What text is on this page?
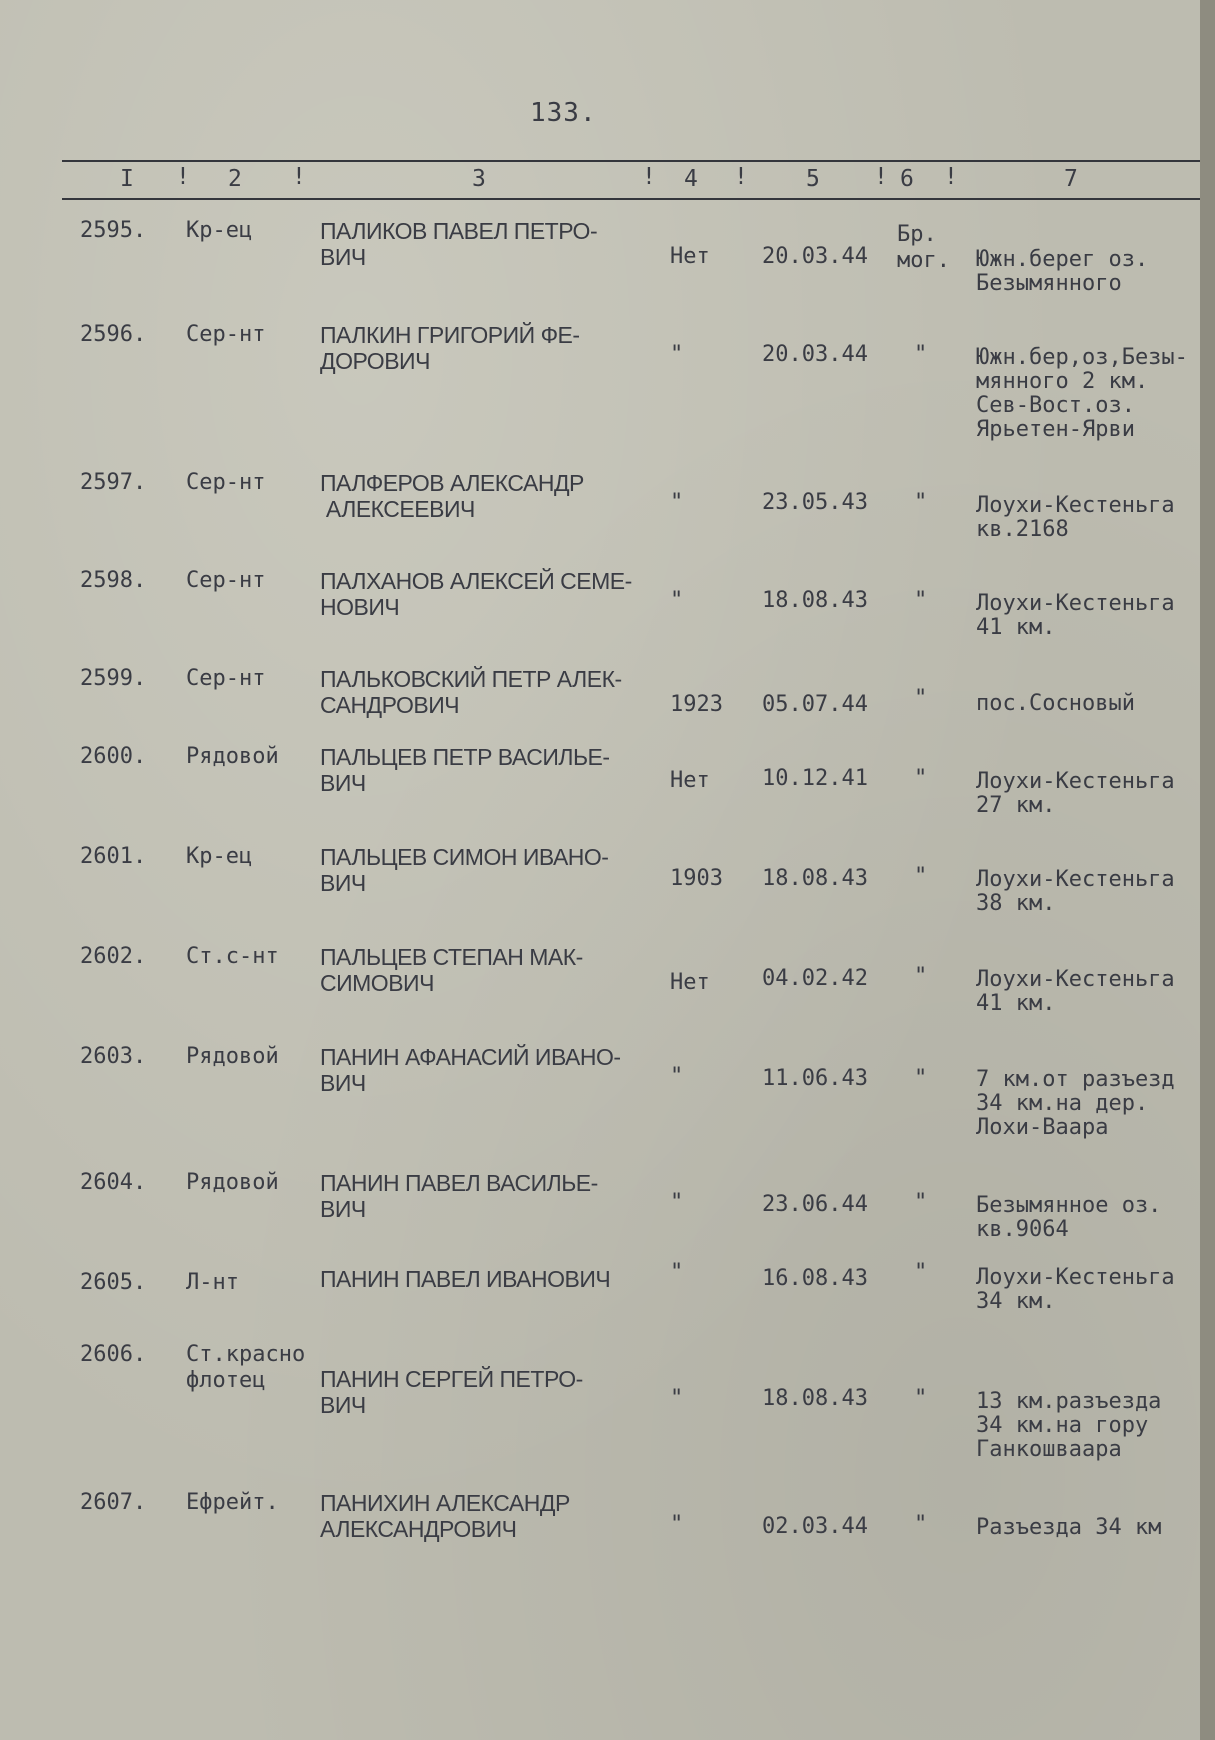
133.
I ! 2 !	3	! 4 !	5 ! 6 !	7
2595. Кр-ец	ПАЛИКОВ ПАВЕЛ ПЕТРО-
ВИЧ	Нет 20.03.44
Бр.
мог. Южн.берег оз.
Безымянного
2596. Сер-нт ПАЛКИН ГРИГОРИЙ ФЕ-
ДОРОВИЧ	"	20.03.44 " Южн.бер,оз,Безы-
мянного 2 км.
Сев-Вост.оз.
Ярьетен-Ярви
2597. Сер-нт ПАЛФЕРОВ АЛЕКСАНДР
АЛЕКСЕЕВИЧ	"	23.05.43 " Лоухи-Кестеньга
кв.2168
2598. Сер-нт ПАЛХАНОВ АЛЕКСЕЙ СЕМЕ-
НОВИЧ	"	18.08.43 " Лоухи-Кестеньга
41 км.
2599. Сер-нт ПАЛЬКОВСКИЙ ПЕТР АЛЕК-
САНДРОВИЧ	1923 05.07.44 " пос.Сосновый
2600. Рядовой ПАЛЬЦЕВ ПЕТР ВАСИЛЬЕ-
ВИЧ	Нет 10.12.41 " Лоухи-Кестеньга
27 км.
2601. Кр-ец	ПАЛЬЦЕВ СИМОН ИВАНО-
ВИЧ	1903 18.08.43 " Лоухи-Кестеньга
38 км.
2602. Ст.с-нт ПАЛЬЦЕВ СТЕПАН МАК-
СИМОВИЧ	Нет 04.02.42 " Лоухи-Кестеньга
41 км.
2603. Рядовой ПАНИН АФАНАСИЙ ИВАНО-
ВИЧ	"	11.06.43 " 7 км.от разъезд
34 км.на дер.
Лохи-Ваара
2604. Рядовой ПАНИН ПАВЕЛ ВАСИЛЬЕ-
ВИЧ	"	23.06.44 " Безымянное оз.
кв.9064
2605. Л-нт	ПАНИН ПАВЕЛ ИВАНОВИЧ	"	16.08.43 " Лоухи-Кестеньга
34 км.
2606. Ст.красно
флотец	ПАНИН СЕРГЕЙ ПЕТРО-
ВИЧ	"	18.08.43 " 13 км.разъезда
34 км.на гору
Ганкошваара
2607. Ефрейт. ПАНИХИН АЛЕКСАНДР
АЛЕКСАНДРОВИЧ	"	02.03.44 " Разъезда 34 км
